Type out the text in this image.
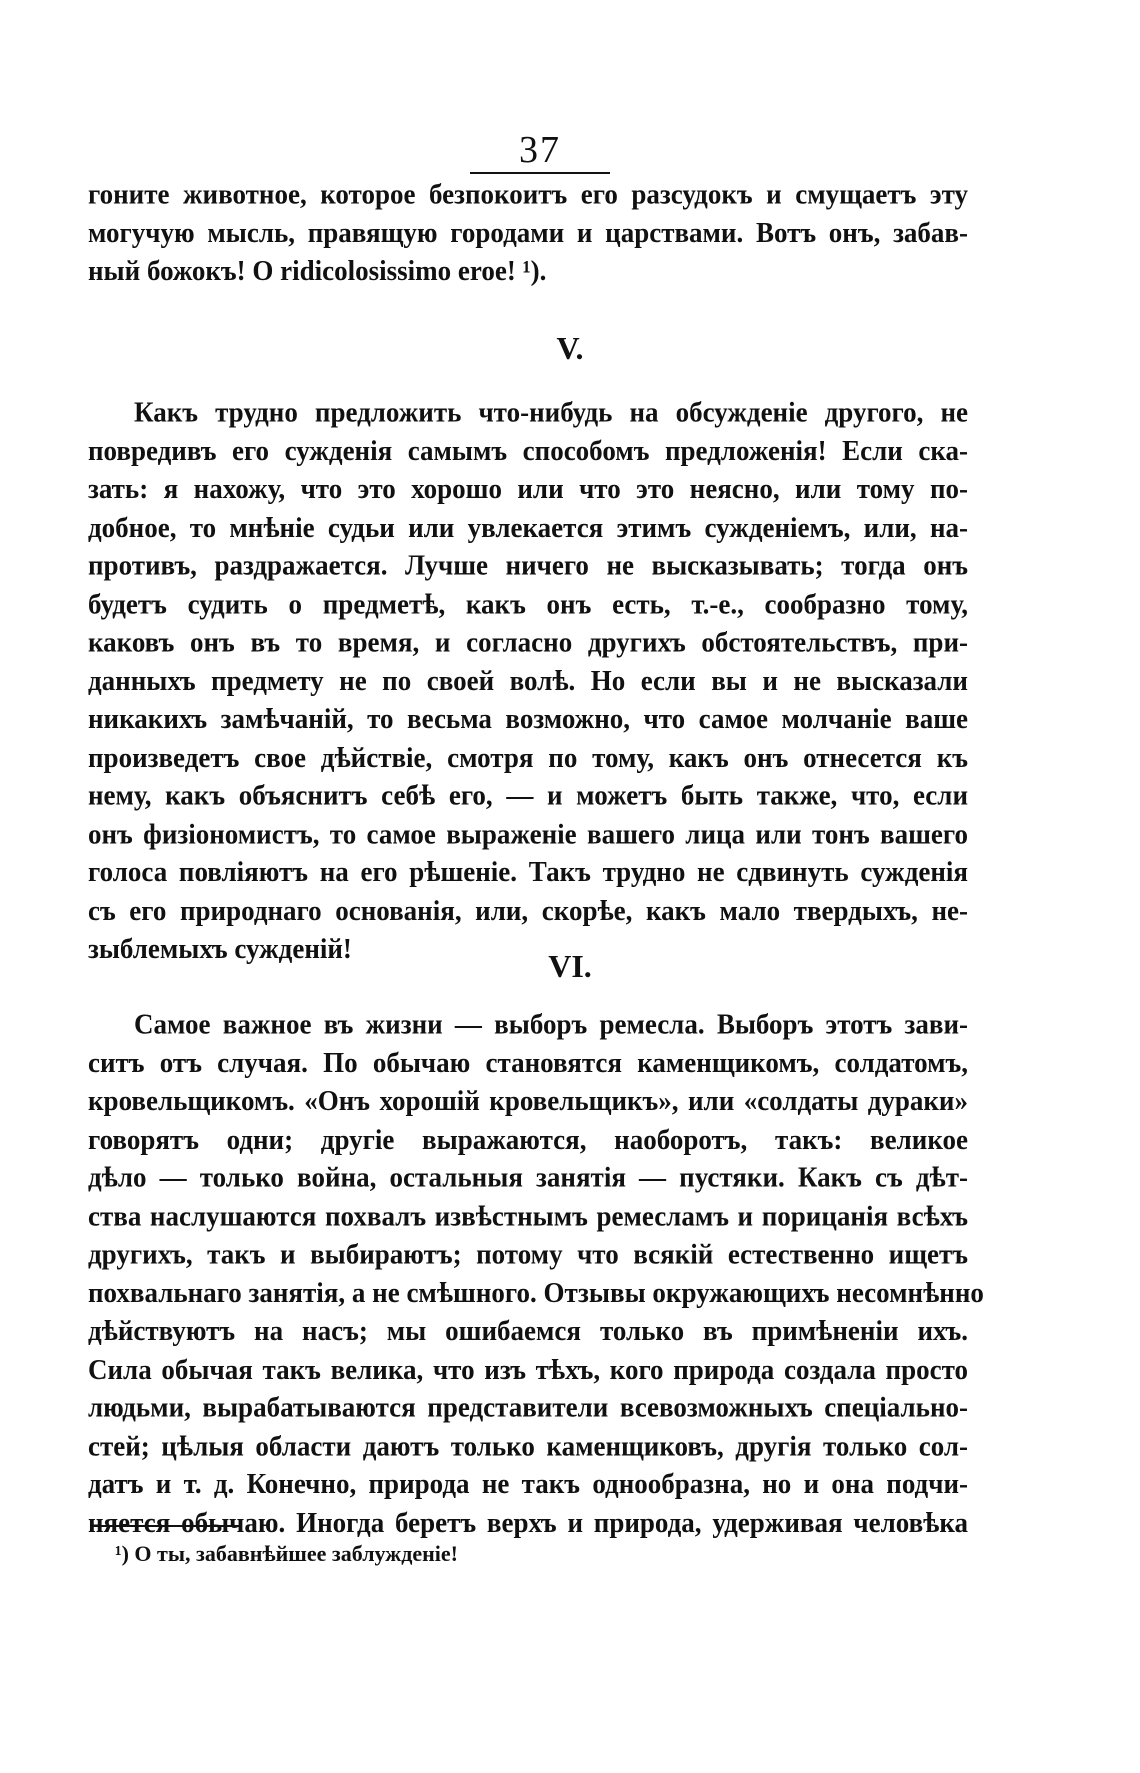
37
гоните животное, которое безпокоитъ его разсудокъ и смущаетъ эту
могучую мысль, правящую городами и царствами. Вотъ онъ, забав-
ный божокъ! О ridicolosissimo eroe! ¹).
V.
Какъ трудно предложить что-нибудь на обсужденіе другого, не
повредивъ его сужденія самымъ способомъ предложенія! Если ска-
зать: я нахожу, что это хорошо или что это неясно, или тому по-
добное, то мнѣніе судьи или увлекается этимъ сужденіемъ, или, на-
противъ, раздражается. Лучше ничего не высказывать; тогда онъ
будетъ судить о предметѣ, какъ онъ есть, т.-е., сообразно тому,
каковъ онъ въ то время, и согласно другихъ обстоятельствъ, при-
данныхъ предмету не по своей волѣ. Но если вы и не высказали
никакихъ замѣчаній, то весьма возможно, что самое молчаніе ваше
произведетъ свое дѣйствіе, смотря по тому, какъ онъ отнесется къ
нему, какъ объяснитъ себѣ его, — и можетъ быть также, что, если
онъ физіономистъ, то самое выраженіе вашего лица или тонъ вашего
голоса повліяютъ на его рѣшеніе. Такъ трудно не сдвинуть сужденія
съ его природнаго основанія, или, скорѣе, какъ мало твердыхъ, не-
зыблемыхъ сужденій!	VI.
Самое важное въ жизни — выборъ ремесла. Выборъ этотъ зави-
ситъ отъ случая. По обычаю становятся каменщикомъ, солдатомъ,
кровельщикомъ. «Онъ хорошій кровельщикъ», или «солдаты дураки»
говорятъ одни; другіе выражаются, наоборотъ, такъ: великое
дѣло — только война, остальныя занятія — пустяки. Какъ съ дѣт-
ства наслушаются похвалъ извѣстнымъ ремесламъ и порицанія всѣхъ
другихъ, такъ и выбираютъ; потому что всякій естественно ищетъ
похвальнаго занятія, а не смѣшного. Отзывы окружающихъ несомнѣнно
дѣйствуютъ на насъ; мы ошибаемся только въ примѣненіи ихъ.
Сила обычая такъ велика, что изъ тѣхъ, кого природа создала просто
людьми, вырабатываются представители всевозможныхъ спеціально-
стей; цѣлыя области даютъ только каменщиковъ, другія только сол-
датъ и т. д. Конечно, природа не такъ однообразна, но и она подчи-
няется обычаю. Иногда беретъ верхъ и природа, удерживая человѣка
¹) О ты, забавнѣйшее заблужденіе!
